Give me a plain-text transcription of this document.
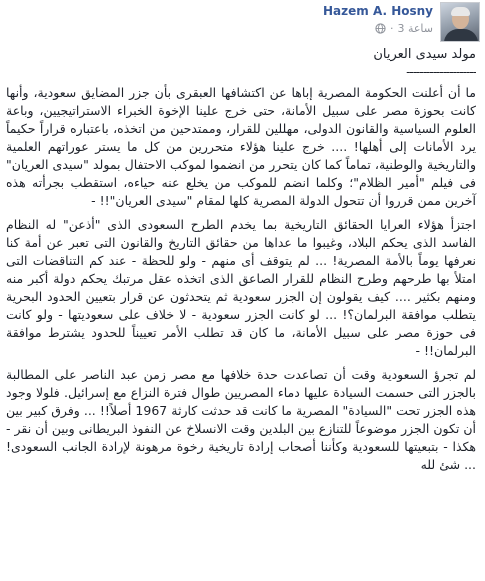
Hazem A. Hosny
· 3 ساعة
مولد سيدى العريان
---------------------

ما أن أعلنت الحكومة المصرية إباها عن اكتشافها العبقرى بأن جزر المضايق سعودية، وأنها كانت بحوزة مصر على سبيل الأمانة، حتى خرج علينا الإخوة الخبراء الاستراتيجيين، وباعة العلوم السياسية والقانون الدولى، مهللين للقرار، وممتدحين من اتخذه، باعتباره قراراً حكيماً يرد الأمانات إلى أهلها! .... خرج علينا هؤلاء متحررين من كل ما يستر عوراتهم العلمية والتاريخية والوطنية، تماماً كما كان يتحرر من انضموا لموكب الاحتفال بمولد "سيدى العريان" فى فيلم "أمير الظلام"؛ وكلما انضم للموكب من يخلع عنه حياءه، استقطب بجرأته هذه آخرين ممن قرروا أن تتحول الدولة المصرية كلها لمقام "سيدى العريان"!! -

اجتزأ هؤلاء العرايا الحقائق التاريخية بما يخدم الطرح السعودى الذى "أذعن" له النظام الفاسد الذى يحكم البلاد، وغيبوا ما عداها من حقائق التاريخ والقانون التى تعبر عن أمة كنا نعرفها يوماً بالأمة المصرية! ... لم يتوقف أى منهم - ولو للحظة - عند كم التناقضات التى امتلأ بها طرحهم وطرح النظام للقرار الصاعق الذى اتخذه عقل مرتبك يحكم دولة أكبر منه ومنهم بكثير .... كيف يقولون إن الجزر سعودية ثم يتحدثون عن قرار بتعيين الحدود البحرية يتطلب موافقة البرلمان؟! ... لو كانت الجزر سعودية - لا خلاف على سعوديتها - ولو كانت فى حوزة مصر على سبيل الأمانة، ما كان قد تطلب الأمر تعييناً للحدود يشترط موافقة البرلمان!! -

لم تجرؤ السعودية وقت أن تصاعدت حدة خلافها مع مصر زمن عبد الناصر على المطالبة بالجزر التى حسمت السيادة عليها دماء المصريين طوال فترة النزاع مع إسرائيل. فلولا وجود هذه الجزر تحت "السيادة" المصرية ما كانت قد حدثت كارثة 1967 أصلاً!! ... وفرق كبير بين أن تكون الجزر موضوعاً للتنازع بين البلدين وقت الانسلاخ عن النفوذ البريطانى وبين أن نقر - هكذا - بتبعيتها للسعودية وكأننا أصحاب إرادة تاريخية رخوة مرهونة لإرادة الجانب السعودى! ... شئ لله
